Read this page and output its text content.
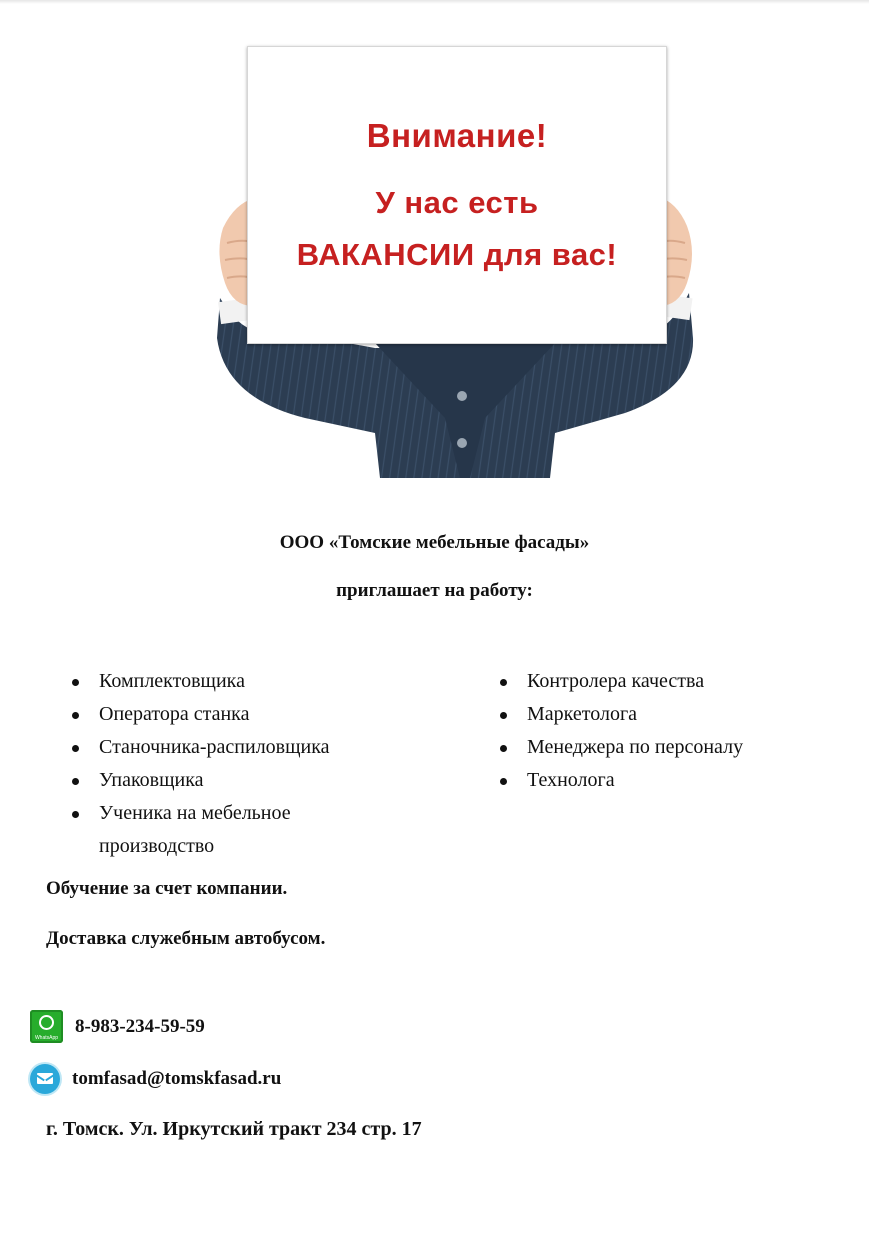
Внимание!
У нас есть
ВАКАНСИИ для вас!
ООО «Томские мебельные фасады»
приглашает на работу:
Комплектовщика
Оператора станка
Станочника-распиловщика
Упаковщика
Ученика на мебельное производство
Контролера качества
Маркетолога
Менеджера по персоналу
Технолога
Обучение за счет компании.
Доставка служебным автобусом.
WhatsApp
8-983-234-59-59
tomfasad@tomskfasad.ru
г. Томск. Ул. Иркутский тракт 234 стр. 17
